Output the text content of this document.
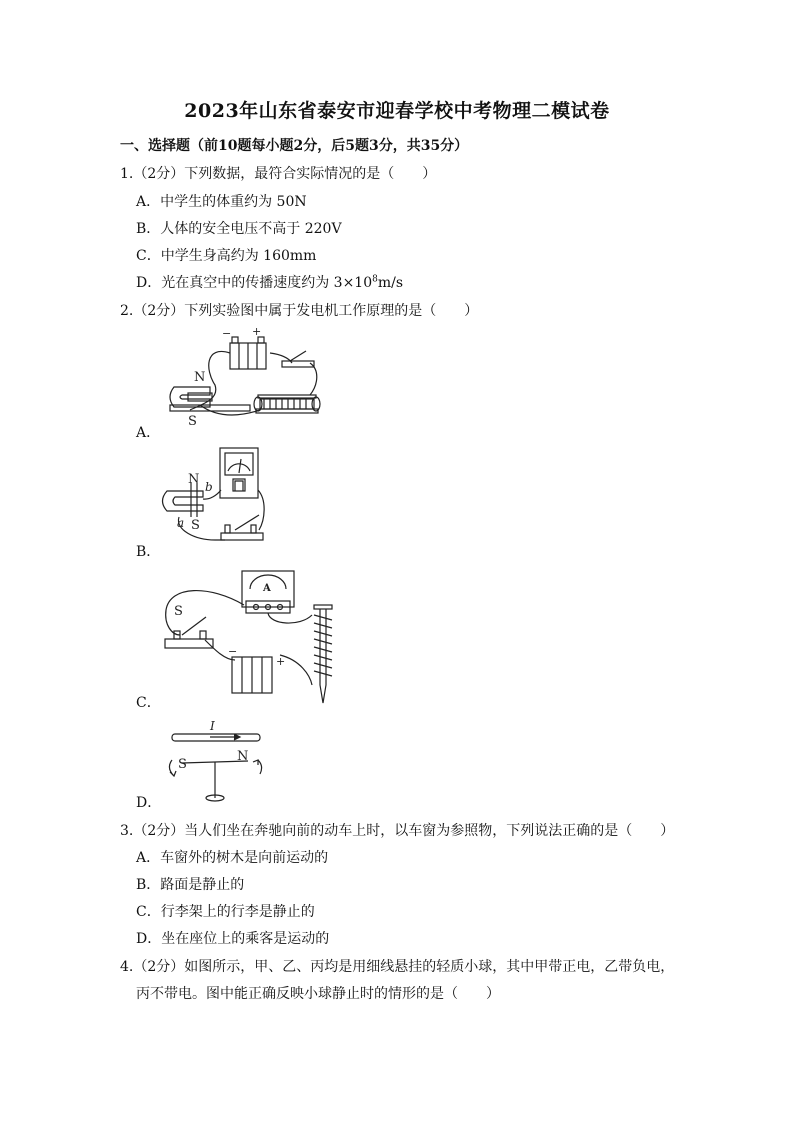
2023年山东省泰安市迎春学校中考物理二模试卷
一、选择题（前10题每小题2分，后5题3分，共35分）
1.（2分）下列数据，最符合实际情况的是（　　）
A．中学生的体重约为 50N
B．人体的安全电压不高于 220V
C．中学生身高约为 160mm
D．光在真空中的传播速度约为 $3\times 10^8m/s$
2.（2分）下列实验图中属于发电机工作原理的是（　　）
− +
N
S
A．
N b
a S
B．
A
S
−
+
C．
I
S
N
D．
3.（2分）当人们坐在奔驰向前的动车上时，以车窗为参照物，下列说法正确的是（　　）
A．车窗外的树木是向前运动的
B．路面是静止的
C．行李架上的行李是静止的
D．坐在座位上的乘客是运动的
4.（2分）如图所示，甲、乙、丙均是用细线悬挂的轻质小球，其中甲带正电，乙带负电，
丙不带电。图中能正确反映小球静止时的情形的是（　　）
